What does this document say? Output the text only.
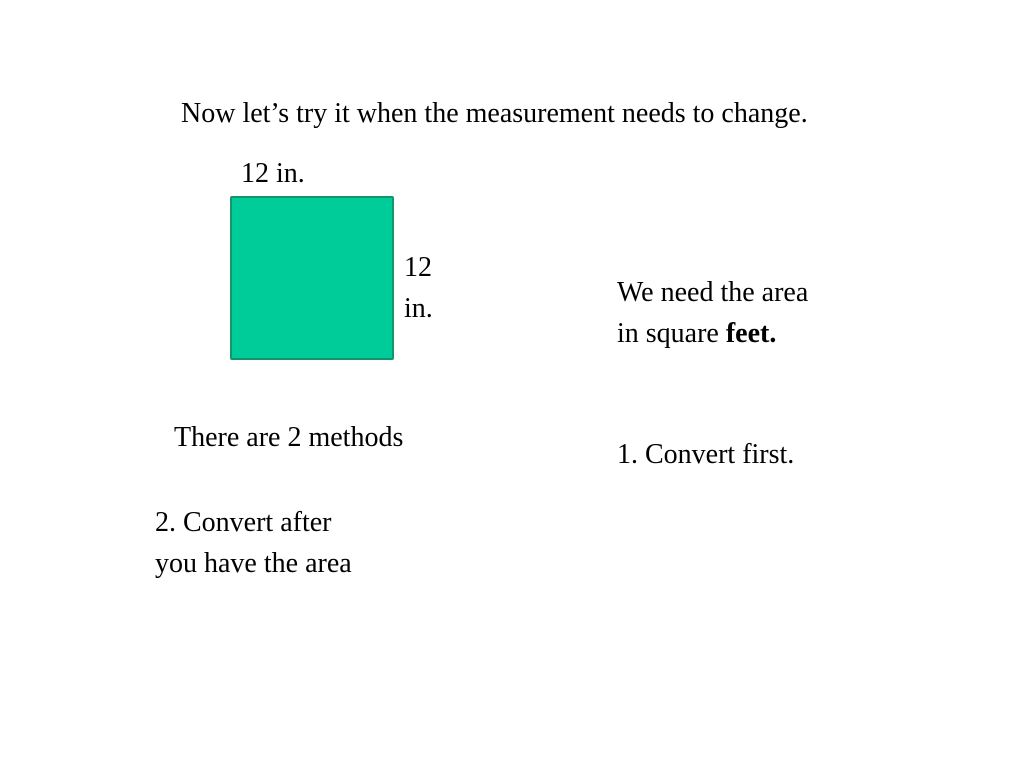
Now let’s try it when the measurement needs to change.
12 in.
12
in.
We need the area
in square feet.
There are 2 methods
1. Convert first.
2. Convert after
you have the area
